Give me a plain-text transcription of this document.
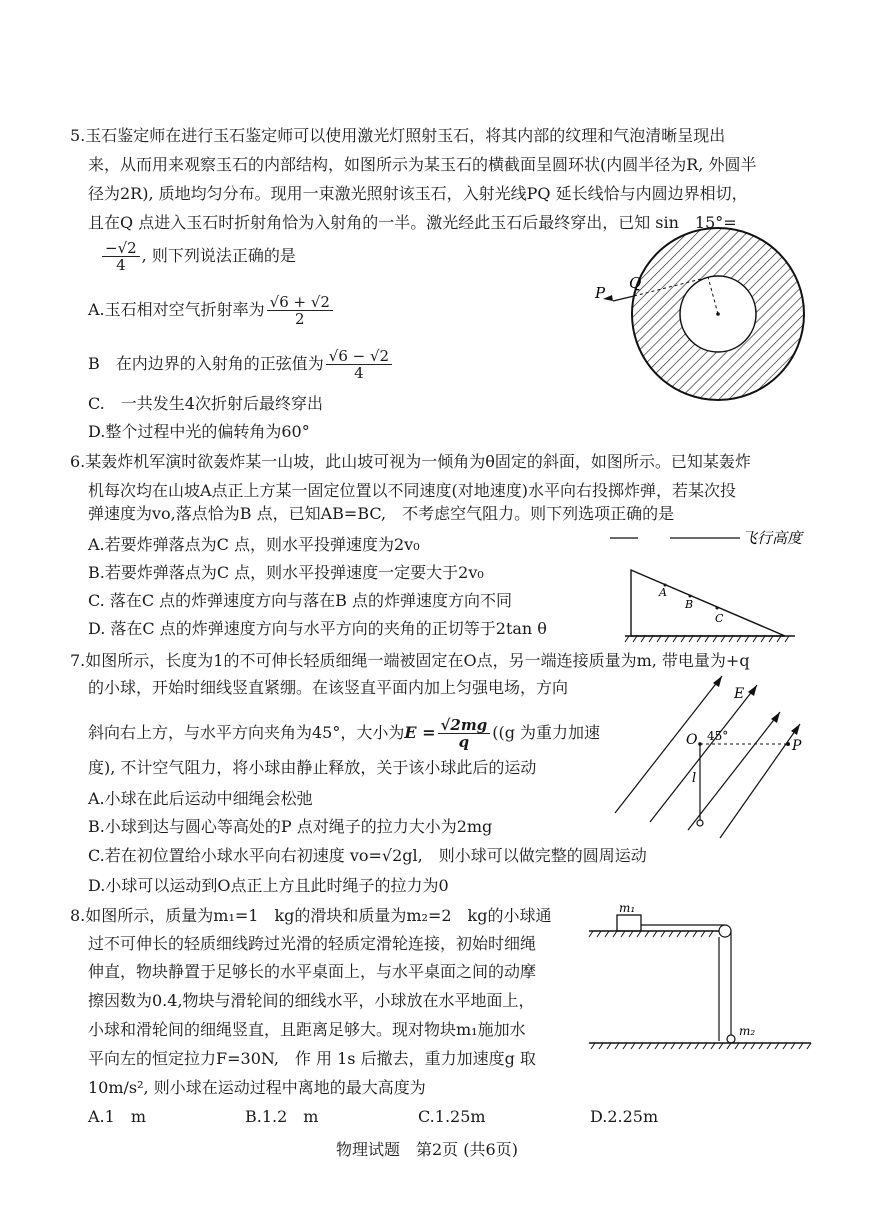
5.玉石鉴定师在进行玉石鉴定师可以使用激光灯照射玉石，将其内部的纹理和气泡清晰呈现出
来，从而用来观察玉石的内部结构，如图所示为某玉石的横截面呈圆环状(内圆半径为R, 外圆半
径为2R), 质地均匀分布。现用一束激光照射该玉石，入射光线PQ 延长线恰与内圆边界相切，
且在Q 点进入玉石时折射角恰为入射角的一半。激光经此玉石后最终穿出，已知 sin　15°=
$\frac{-√2}{4}$ , 则下列说法正确的是
A.玉石相对空气折射率为 $\frac{√6 + √2}{2}$
B　在内边界的入射角的正弦值为 $\frac{√6 - √2}{4}$
C.　一共发生4次折射后最终穿出
D.整个过程中光的偏转角为60°
P
Q
6.某轰炸机军演时欲轰炸某一山坡，此山坡可视为一倾角为θ固定的斜面，如图所示。已知某轰炸
机每次均在山坡A点正上方某一固定位置以不同速度(对地速度)水平向右投掷炸弹，若某次投
弹速度为vo,落点恰为B 点，已知AB=BC,　不考虑空气阻力。则下列选项正确的是
A.若要炸弹落点为C 点，则水平投弹速度为2v₀
B.若要炸弹落点为C 点，则水平投弹速度一定要大于2v₀
C. 落在C 点的炸弹速度方向与落在B 点的炸弹速度方向不同
D. 落在C 点的炸弹速度方向与水平方向的夹角的正切等于2tan θ
飞行高度
A
B
C
7.如图所示，长度为1的不可伸长轻质细绳一端被固定在O点，另一端连接质量为m, 带电量为+q
的小球，开始时细线竖直紧绷。在该竖直平面内加上匀强电场，方向
斜向右上方，与水平方向夹角为45°，大小为$E = \frac{√2mg}{q} ((g$ 为重力加速
度), 不计空气阻力，将小球由静止释放，关于该小球此后的运动
A.小球在此后运动中细绳会松弛
B.小球到达与圆心等高处的P 点对绳子的拉力大小为2mg
C.若在初位置给小球水平向右初速度 vo=√2gl,　则小球可以做完整的圆周运动
D.小球可以运动到O点正上方且此时绳子的拉力为0
E
O 45°
P
l
8.如图所示，质量为m₁=1　kg的滑块和质量为m₂=2　kg的小球通
过不可伸长的轻质细线跨过光滑的轻质定滑轮连接，初始时细绳
伸直，物块静置于足够长的水平桌面上，与水平桌面之间的动摩
擦因数为0.4,物块与滑轮间的细线水平，小球放在水平地面上，
小球和滑轮间的细绳竖直，且距离足够大。现对物块m₁施加水
平向左的恒定拉力F=30N,　作 用 1s 后撤去，重力加速度g 取
10m/s², 则小球在运动过程中离地的最大高度为
A.1　m	B.1.2　m	C.1.25m	D.2.25m
m₁
m₂
物理试题　第2页 (共6页)
